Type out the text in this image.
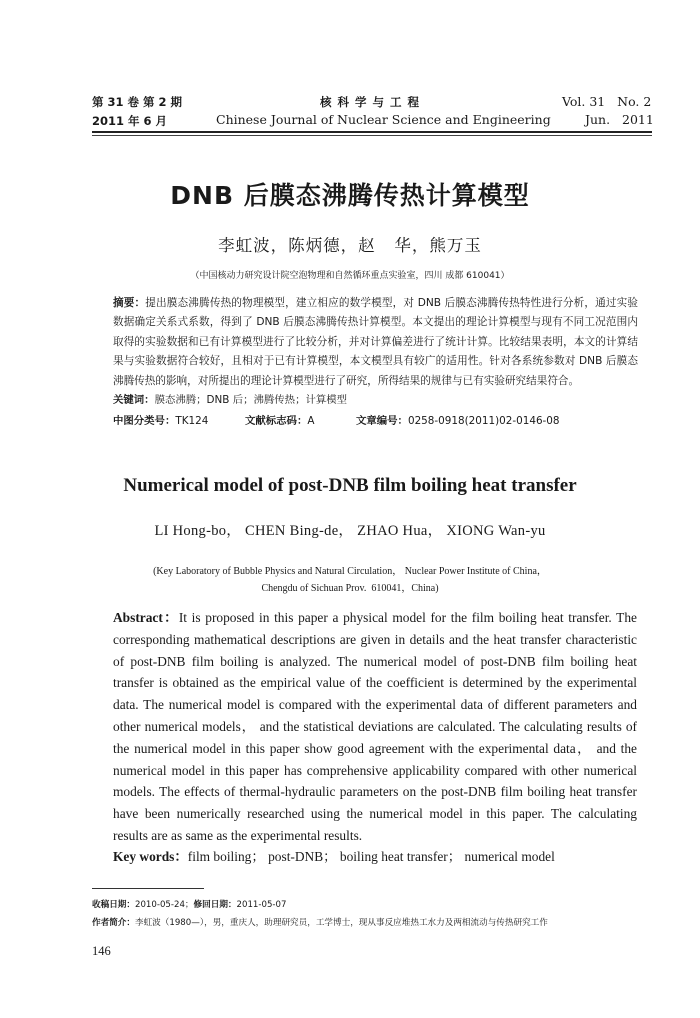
第 31 卷 第 2 期
2011 年 6 月
核 科 学 与 工 程
Chinese Journal of Nuclear Science and Engineering
Vol. 31   No. 2
Jun.   2011
DNB 后膜态沸腾传热计算模型
李虹波，陈炳德，赵   华，熊万玉
（中国核动力研究设计院空泡物理和自然循环重点实验室，四川 成都 610041）
摘要：提出膜态沸腾传热的物理模型，建立相应的数学模型，对 DNB 后膜态沸腾传热特性进行分析，通过实验数据确定关系式系数，得到了 DNB 后膜态沸腾传热计算模型。本文提出的理论计算模型与现有不同工况范围内取得的实验数据和已有计算模型进行了比较分析，并对计算偏差进行了统计计算。比较结果表明，本文的计算结果与实验数据符合较好，且相对于已有计算模型，本文模型具有较广的适用性。针对各系统参数对 DNB 后膜态沸腾传热的影响，对所提出的理论计算模型进行了研究，所得结果的规律与已有实验研究结果符合。
关键词：膜态沸腾；DNB 后；沸腾传热；计算模型
中图分类号：TK124	文献标志码：A	文章编号：0258-0918(2011)02-0146-08
Numerical model of post-DNB film boiling heat transfer
LI Hong-bo， CHEN Bing-de， ZHAO Hua， XIONG Wan-yu
(Key Laboratory of Bubble Physics and Natural Circulation， Nuclear Power Institute of China，
Chengdu of Sichuan Prov.  610041，China)
Abstract：It is proposed in this paper a physical model for the film boiling heat transfer. The corresponding mathematical descriptions are given in details and the heat transfer characteristic of post-DNB film boiling is analyzed. The numerical model of post-DNB film boiling heat transfer is obtained as the empirical value of the coefficient is determined by the experimental data. The numerical model is compared with the experimental data of different parameters and other numerical models， and the statistical deviations are calculated. The calculating results of the numerical model in this paper show good agreement with the experimental data， and the numerical model in this paper has comprehensive applicability compared with other numerical models. The effects of thermal-hydraulic parameters on the post-DNB film boiling heat transfer have been numerically researched using the numerical model in this paper. The calculating results are as same as the experimental results.
Key words：film boiling； post-DNB； boiling heat transfer； numerical model
收稿日期：2010-05-24；修回日期：2011-05-07
作者简介：李虹波（1980—），男，重庆人，助理研究员，工学博士，现从事反应堆热工水力及两相流动与传热研究工作
146
